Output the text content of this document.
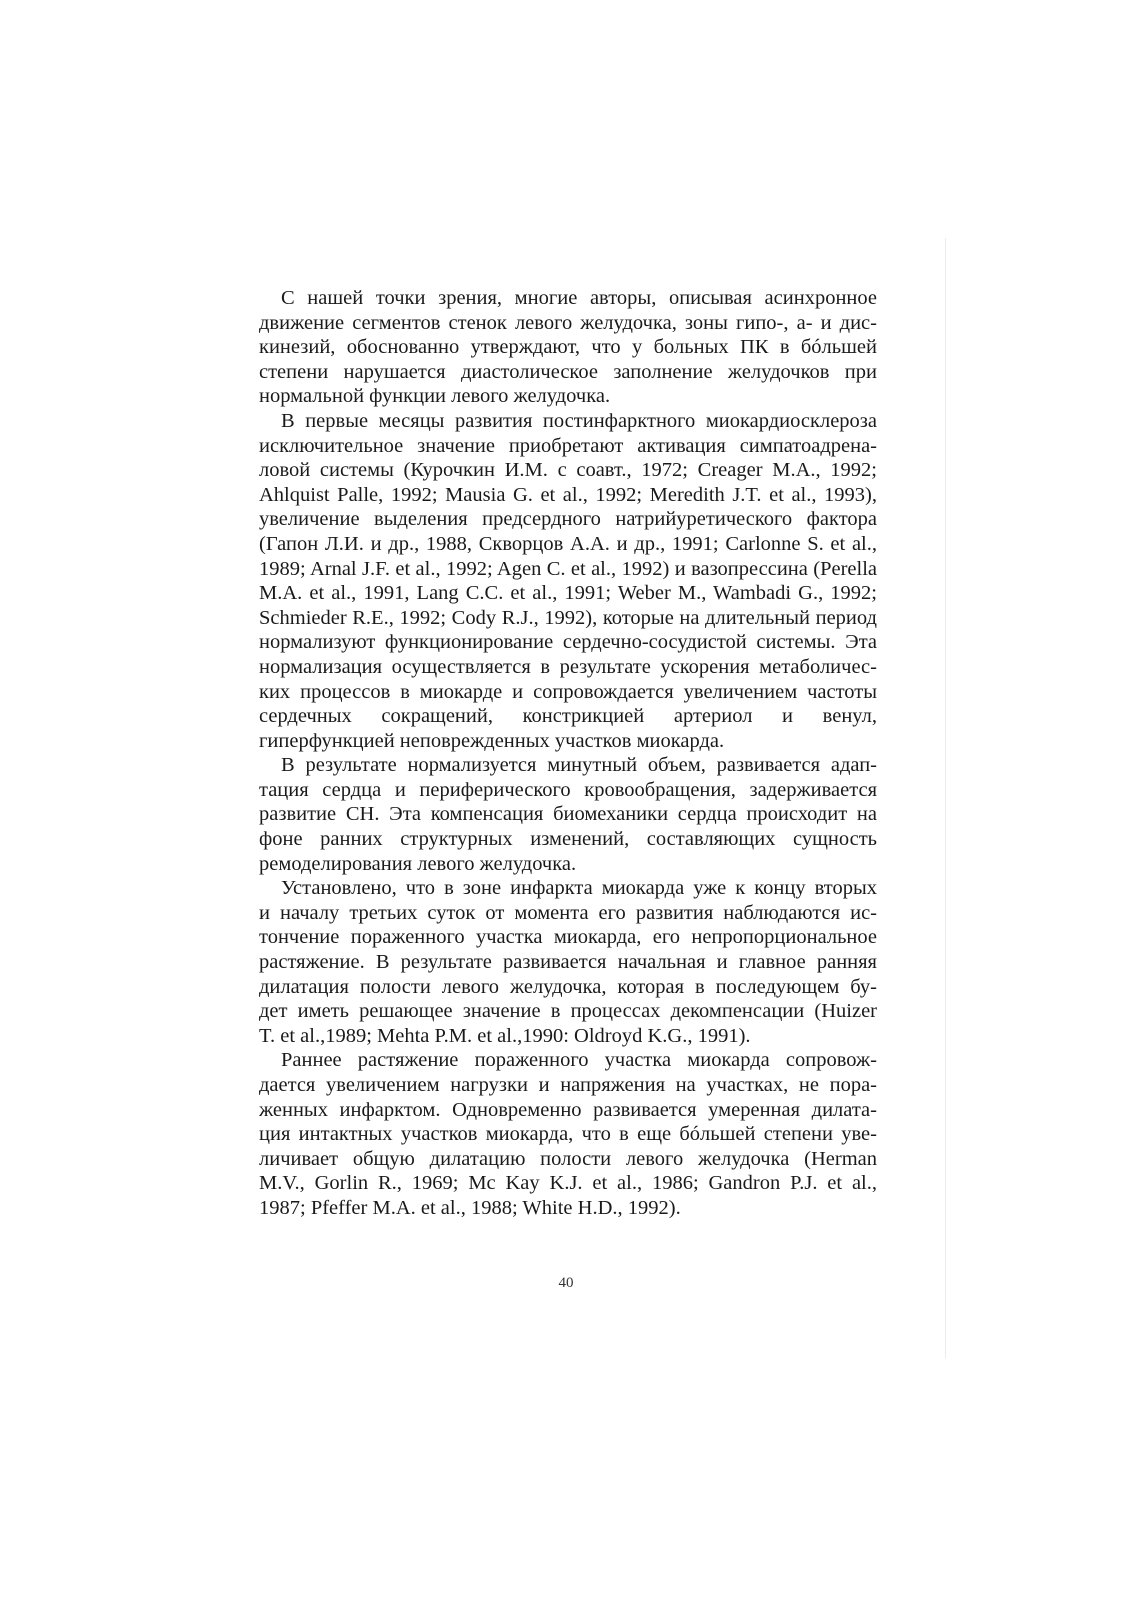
С нашей точки зрения, многие авторы, описывая асинхронное
движение сегментов стенок левого желудочка, зоны гипо-, а- и дис-
кинезий, обоснованно утверждают, что у больных ПК в бóльшей
степени нарушается диастолическое заполнение желудочков при
нормальной функции левого желудочка.
В первые месяцы развития постинфарктного миокардиосклероза
исключительное значение приобретают активация симпатоадрена-
ловой системы (Курочкин И.М. с соавт., 1972; Creager M.A., 1992;
Ahlquist Palle, 1992; Mausia G. et al., 1992; Meredith J.T. et al., 1993),
увеличение выделения предсердного натрийуретического фактора
(Гапон Л.И. и др., 1988, Скворцов А.А. и др., 1991; Carlonne S. et al.,
1989; Arnal J.F. et al., 1992; Agen C. et al., 1992) и вазопрессина (Perella
M.A. et al., 1991, Lang C.C. et al., 1991; Weber M., Wambadi G., 1992;
Schmieder R.E., 1992; Cody R.J., 1992), которые на длительный период
нормализуют функционирование сердечно-сосудистой системы. Эта
нормализация осуществляется в результате ускорения метаболичес-
ких процессов в миокарде и сопровождается увеличением частоты
сердечных сокращений, констрикцией артериол и венул,
гиперфункцией неповрежденных участков миокарда.
В результате нормализуется минутный объем, развивается адап-
тация сердца и периферического кровообращения, задерживается
развитие СН. Эта компенсация биомеханики сердца происходит на
фоне ранних структурных изменений, составляющих сущность
ремоделирования левого желудочка.
Установлено, что в зоне инфаркта миокарда уже к концу вторых
и началу третьих суток от момента его развития наблюдаются ис-
тончение пораженного участка миокарда, его непропорциональное
растяжение. В результате развивается начальная и главное ранняя
дилатация полости левого желудочка, которая в последующем бу-
дет иметь решающее значение в процессах декомпенсации (Huizer
T. et al.,1989; Mehta P.M. et al.,1990: Oldroyd K.G., 1991).
Раннее растяжение пораженного участка миокарда сопровож-
дается увеличением нагрузки и напряжения на участках, не пора-
женных инфарктом. Одновременно развивается умеренная дилата-
ция интактных участков миокарда, что в еще бóльшей степени уве-
личивает общую дилатацию полости левого желудочка (Herman
M.V., Gorlin R., 1969; Mc Kay K.J. et al., 1986; Gandron P.J. et al.,
1987; Pfeffer M.A. et al., 1988; White H.D., 1992).
40
